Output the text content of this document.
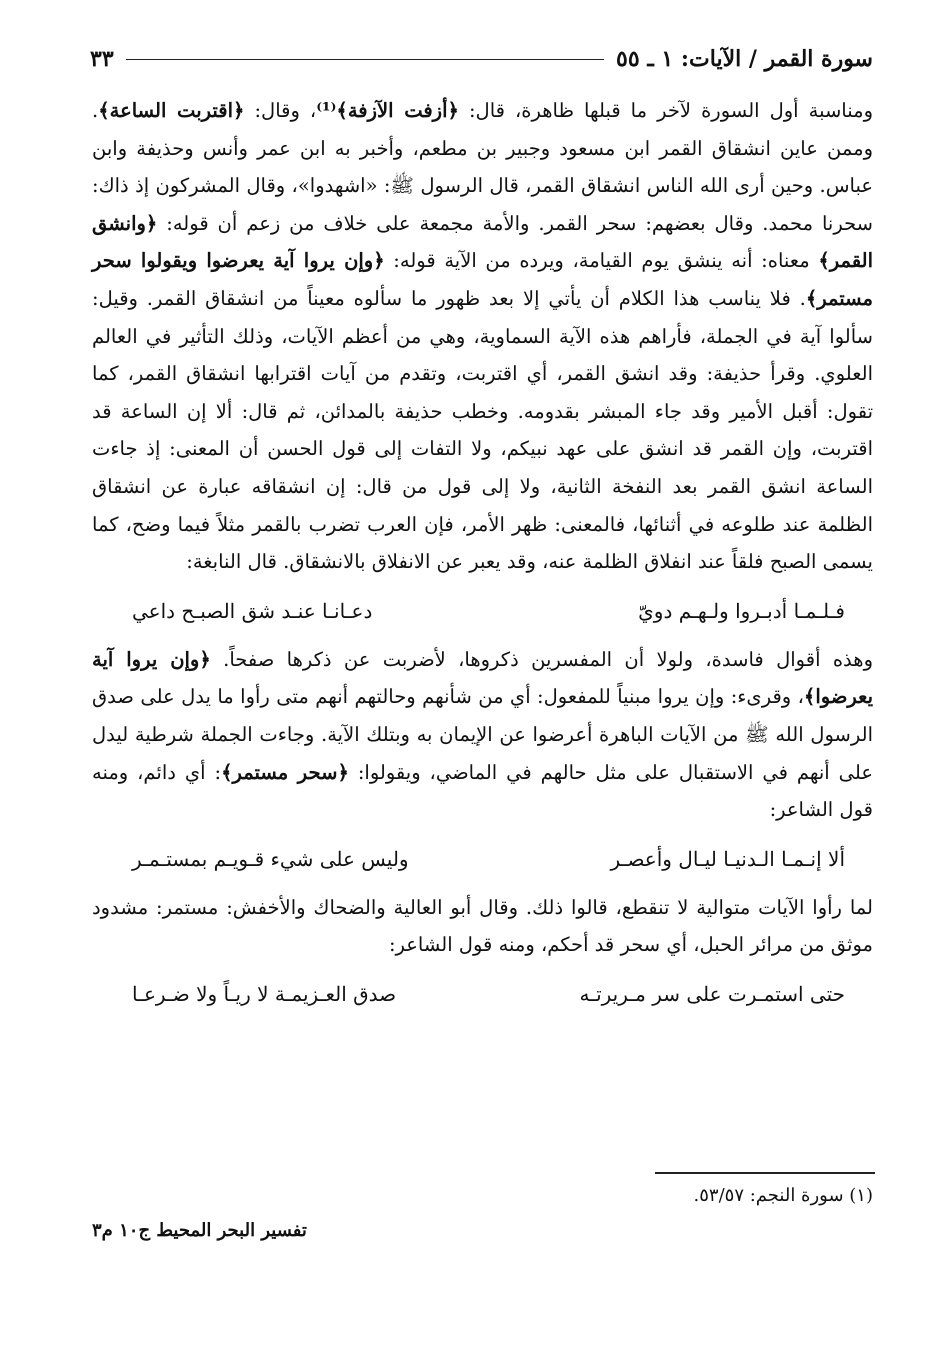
سورة القمر / الآيات: ١ ـ ٥٥
٣٣

ومناسبة أول السورة لآخر ما قبلها ظاهرة، قال: ﴿أزفت الآزفة﴾⁽¹⁾، وقال: ﴿اقتربت الساعة﴾. وممن عاين انشقاق القمر ابن مسعود وجبير بن مطعم، وأخبر به ابن عمر وأنس وحذيفة وابن عباس. وحين أرى الله الناس انشقاق القمر، قال الرسول ﷺ: «اشهدوا»، وقال المشركون إذ ذاك: سحرنا محمد. وقال بعضهم: سحر القمر. والأمة مجمعة على خلاف من زعم أن قوله: ﴿وانشق القمر﴾ معناه: أنه ينشق يوم القيامة، ويرده من الآية قوله: ﴿وإن يروا آية يعرضوا ويقولوا سحر مستمر﴾. فلا يناسب هذا الكلام أن يأتي إلا بعد ظهور ما سألوه معيناً من انشقاق القمر. وقيل: سألوا آية في الجملة، فأراهم هذه الآية السماوية، وهي من أعظم الآيات، وذلك التأثير في العالم العلوي. وقرأ حذيفة: وقد انشق القمر، أي اقتربت، وتقدم من آيات اقترابها انشقاق القمر، كما تقول: أقبل الأمير وقد جاء المبشر بقدومه. وخطب حذيفة بالمدائن، ثم قال: ألا إن الساعة قد اقتربت، وإن القمر قد انشق على عهد نبيكم، ولا التفات إلى قول الحسن أن المعنى: إذ جاءت الساعة انشق القمر بعد النفخة الثانية، ولا إلى قول من قال: إن انشقاقه عبارة عن انشقاق الظلمة عند طلوعه في أثنائها، فالمعنى: ظهر الأمر، فإن العرب تضرب بالقمر مثلاً فيما وضح، كما يسمى الصبح فلقاً عند انفلاق الظلمة عنه، وقد يعبر عن الانفلاق بالانشقاق. قال النابغة:

فـلـمـا أدبـروا ولـهـم دويّ
دعـانـا عنـد شق الصبـح داعي

وهذه أقوال فاسدة، ولولا أن المفسرين ذكروها، لأضربت عن ذكرها صفحاً. ﴿وإن يروا آية يعرضوا﴾، وقرىء: وإن يروا مبنياً للمفعول: أي من شأنهم وحالتهم أنهم متى رأوا ما يدل على صدق الرسول الله ﷺ من الآيات الباهرة أعرضوا عن الإيمان به وبتلك الآية. وجاءت الجملة شرطية ليدل على أنهم في الاستقبال على مثل حالهم في الماضي، ويقولوا: ﴿سحر مستمر﴾: أي دائم، ومنه قول الشاعر:

ألا إنـمـا الـدنيـا ليـال وأعصـر
وليس على شيء قـويـم بمستـمـر

لما رأوا الآيات متوالية لا تنقطع، قالوا ذلك. وقال أبو العالية والضحاك والأخفش: مستمر: مشدود موثق من مرائر الحبل، أي سحر قد أحكم، ومنه قول الشاعر:

حتى استمـرت على سر مـريرتـه
صدق العـزيمـة لا ريـاً ولا ضـرعـا
(١) سورة النجم: ٥٣/٥٧.
تفسير البحر المحيط ج١٠ م٣
